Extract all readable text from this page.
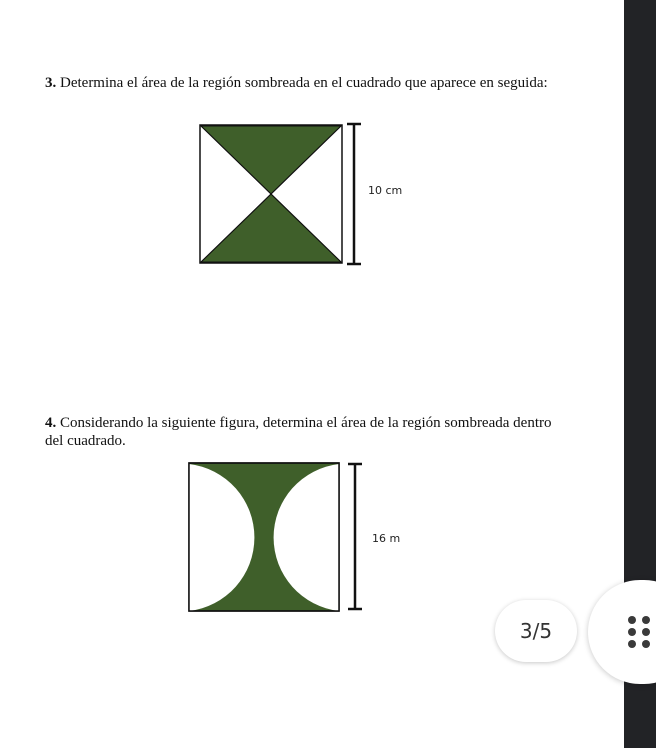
3. Determina el área de la región sombreada en el cuadrado que aparece en seguida:
10 cm
4. Considerando la siguiente figura, determina el área de la región sombreada dentro del cuadrado.
16 m
3/5
